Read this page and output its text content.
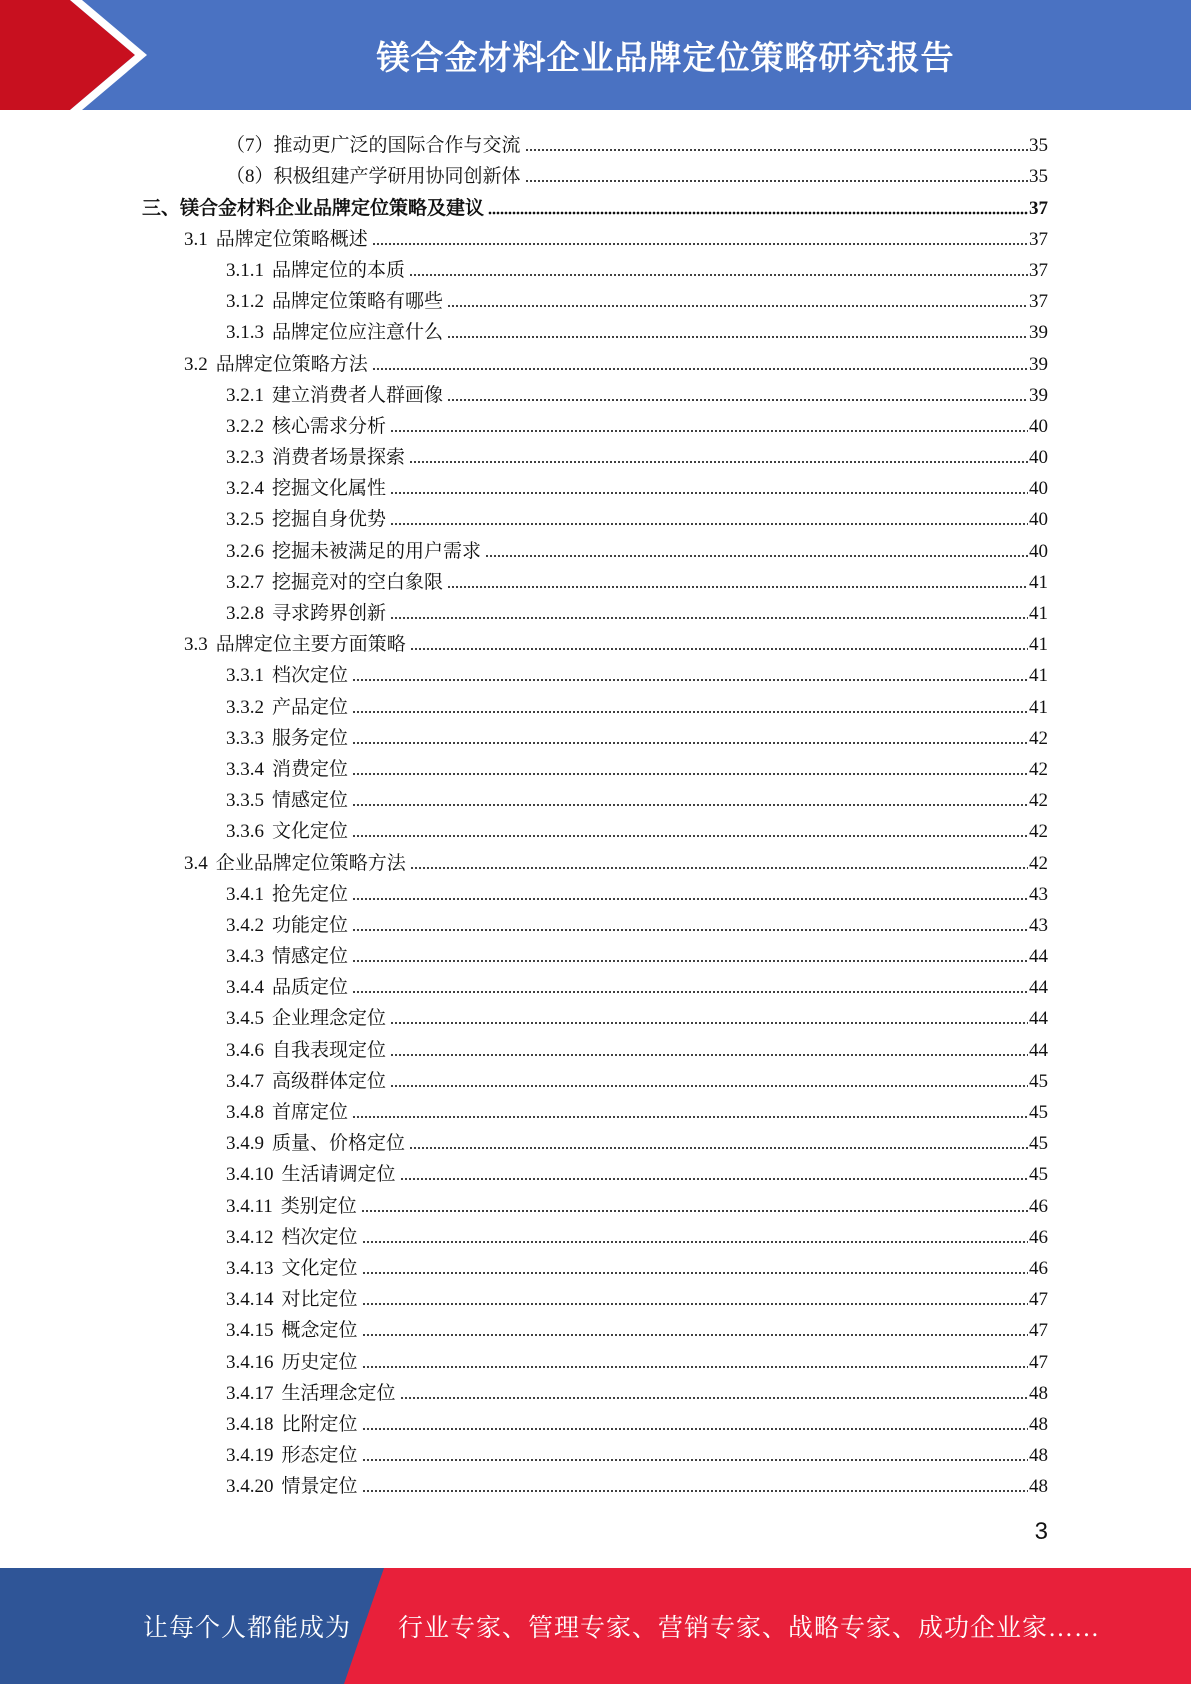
镁合金材料企业品牌定位策略研究报告
（7） 推动更广泛的国际合作与交流	35
（8） 积极组建产学研用协同创新体	35
三、 镁合金材料企业品牌定位策略及建议	37
3.1 品牌定位策略概述	37
3.1.1 品牌定位的本质	37
3.1.2 品牌定位策略有哪些	37
3.1.3 品牌定位应注意什么	39
3.2 品牌定位策略方法	39
3.2.1 建立消费者人群画像	39
3.2.2 核心需求分析	40
3.2.3 消费者场景探索	40
3.2.4 挖掘文化属性	40
3.2.5 挖掘自身优势	40
3.2.6 挖掘未被满足的用户需求	40
3.2.7 挖掘竞对的空白象限	41
3.2.8 寻求跨界创新	41
3.3 品牌定位主要方面策略	41
3.3.1 档次定位	41
3.3.2 产品定位	41
3.3.3 服务定位	42
3.3.4 消费定位	42
3.3.5 情感定位	42
3.3.6 文化定位	42
3.4 企业品牌定位策略方法	42
3.4.1 抢先定位	43
3.4.2 功能定位	43
3.4.3 情感定位	44
3.4.4 品质定位	44
3.4.5 企业理念定位	44
3.4.6 自我表现定位	44
3.4.7 高级群体定位	45
3.4.8 首席定位	45
3.4.9 质量、价格定位	45
3.4.10 生活请调定位	45
3.4.11 类别定位	46
3.4.12 档次定位	46
3.4.13 文化定位	46
3.4.14 对比定位	47
3.4.15 概念定位	47
3.4.16 历史定位	47
3.4.17 生活理念定位	48
3.4.18 比附定位	48
3.4.19 形态定位	48
3.4.20 情景定位	48
3
让每个人都能成为 行业专家、管理专家、营销专家、战略专家、成功企业家……
